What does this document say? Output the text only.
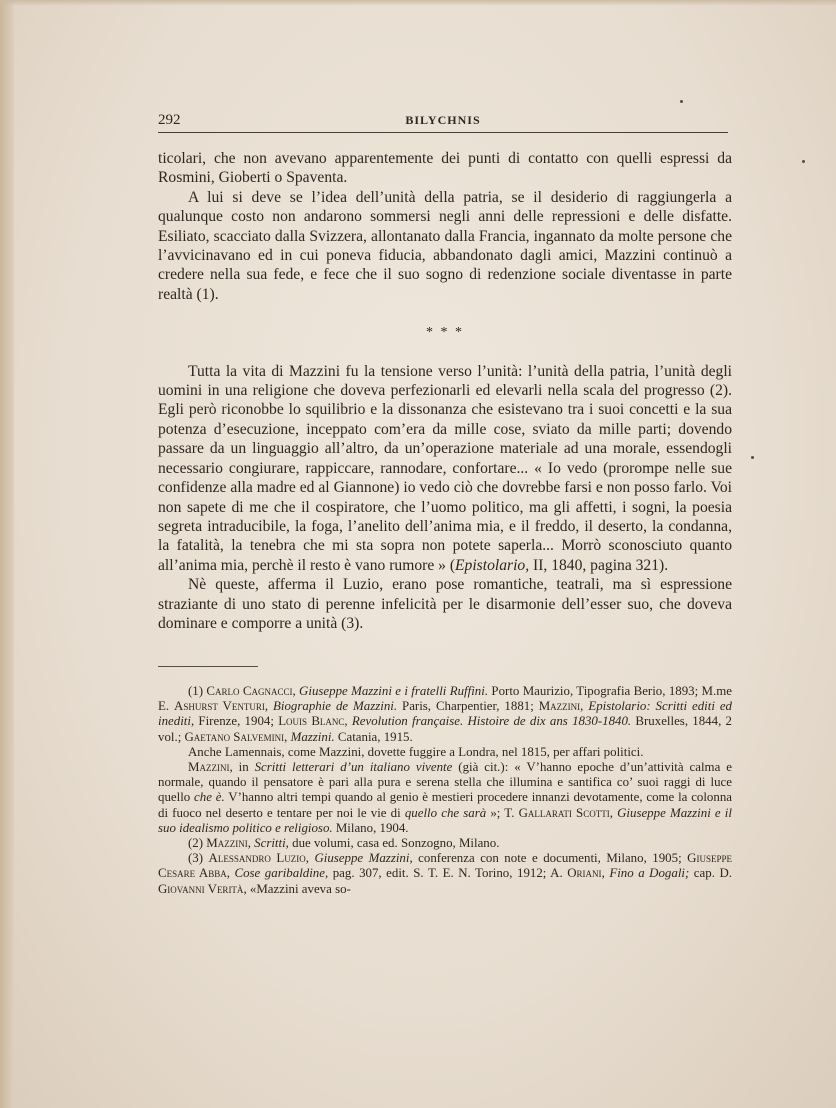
292	BILYCHNIS

ticolari, che non avevano apparentemente dei punti di contatto con quelli espressi da Rosmini, Gioberti o Spaventa.

A lui si deve se l’idea dell’unità della patria, se il desiderio di raggiungerla a qualunque costo non andarono sommersi negli anni delle repressioni e delle disfatte. Esiliato, scacciato dalla Svizzera, allontanato dalla Francia, ingannato da molte persone che l’avvicinavano ed in cui poneva fiducia, abbandonato dagli amici, Mazzini continuò a credere nella sua fede, e fece che il suo sogno di redenzione sociale diventasse in parte realtà (1).

* * *

Tutta la vita di Mazzini fu la tensione verso l’unità: l’unità della patria, l’unità degli uomini in una religione che doveva perfezionarli ed elevarli nella scala del progresso (2). Egli però riconobbe lo squilibrio e la dissonanza che esistevano tra i suoi concetti e la sua potenza d’esecuzione, inceppato com’era da mille cose, sviato da mille parti; dovendo passare da un linguaggio all’altro, da un’operazione materiale ad una morale, essendogli necessario congiurare, rappiccare, rannodare, confortare... « Io vedo (prorompe nelle sue confidenze alla madre ed al Giannone) io vedo ciò che dovrebbe farsi e non posso farlo. Voi non sapete di me che il cospiratore, che l’uomo politico, ma gli affetti, i sogni, la poesia segreta intraducibile, la foga, l’anelito dell’anima mia, e il freddo, il deserto, la condanna, la fatalità, la tenebra che mi sta sopra non potete saperla... Morrò sconosciuto quanto all’anima mia, perchè il resto è vano rumore » (Epistolario, II, 1840, pagina 321).

Nè queste, afferma il Luzio, erano pose romantiche, teatrali, ma sì espressione straziante di uno stato di perenne infelicità per le disarmonie dell’esser suo, che doveva dominare e comporre a unità (3).

(1) Carlo Cagnacci, Giuseppe Mazzini e i fratelli Ruffini. Porto Maurizio, Tipografia Berio, 1893; M.me E. Ashurst Venturi, Biographie de Mazzini. Paris, Charpentier, 1881; Mazzini, Epistolario: Scritti editi ed inediti, Firenze, 1904; Louis Blanc, Revolution française. Histoire de dix ans 1830-1840. Bruxelles, 1844, 2 vol.; Gaetano Salvemini, Mazzini. Catania, 1915.

Anche Lamennais, come Mazzini, dovette fuggire a Londra, nel 1815, per affari politici.

Mazzini, in Scritti letterari d’un italiano vivente (già cit.): « V’hanno epoche d’un’attività calma e normale, quando il pensatore è pari alla pura e serena stella che illumina e santifica co’ suoi raggi di luce quello che è. V’hanno altri tempi quando al genio è mestieri procedere innanzi devotamente, come la colonna di fuoco nel deserto e tentare per noi le vie di quello che sarà »; T. Gallarati Scotti, Giuseppe Mazzini e il suo idealismo politico e religioso. Milano, 1904.

(2) Mazzini, Scritti, due volumi, casa ed. Sonzogno, Milano.

(3) Alessandro Luzio, Giuseppe Mazzini, conferenza con note e documenti, Milano, 1905; Giuseppe Cesare Abba, Cose garibaldine, pag. 307, edit. S. T. E. N. Torino, 1912; A. Oriani, Fino a Dogali; cap. D. Giovanni Verità, «Mazzini aveva so-
